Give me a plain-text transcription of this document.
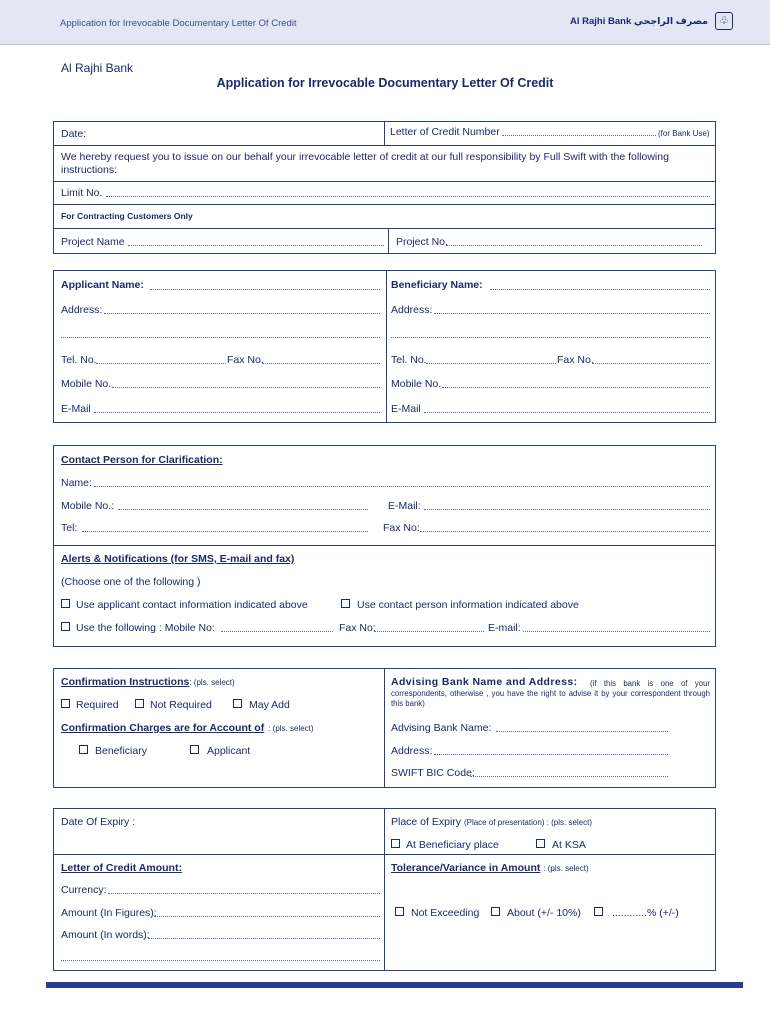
Application for Irrevocable Documentary Letter Of Credit	Al Rajhi Bank مصرف الراجحي	♧
Al Rajhi Bank
Application for Irrevocable Documentary Letter Of Credit
Date:	Letter of Credit Number	(for Bank Use)
We hereby request you to issue on our behalf your irrevocable letter of credit at our full responsibility by Full Swift with the following instructions:
Limit No.
For Contracting Customers Only
Project Name	Project No.
Applicant Name:
Address:
Tel. No.	Fax No.
Mobile No.
E-Mail
Beneficiary Name:
Address:
Tel. No.	Fax No.
Mobile No.
E-Mail
Contact Person for Clarification:
Name:
Mobile No.:	E-Mail:
Tel:	Fax No:
Alerts & Notifications (for SMS, E-mail and fax)
(Choose one of the following )
Use applicant contact information indicated above	Use contact person information indicated above
Use the following : Mobile No:	Fax No:	E-mail:
Confirmation Instructions: (pls. select)
Required	Not Required	May Add
Confirmation Charges are for Account of : (pls. select)
Beneficiary	Applicant
Advising Bank Name and Address:	(if this bank is one of your correspondents, otherwise , you have the right to advise it by your correspondent through this bank)
Advising Bank Name:
Address:
SWIFT BIC Code:
Date Of Expiry :	Place of Expiry (Place of presentation) : (pls. select)
At Beneficiary place	At KSA
Letter of Credit Amount:
Currency:
Amount (In Figures):
Amount (In words):
Tolerance/Variance in Amount : (pls. select)
Not Exceeding	About (+/- 10%)	............% (+/-)
